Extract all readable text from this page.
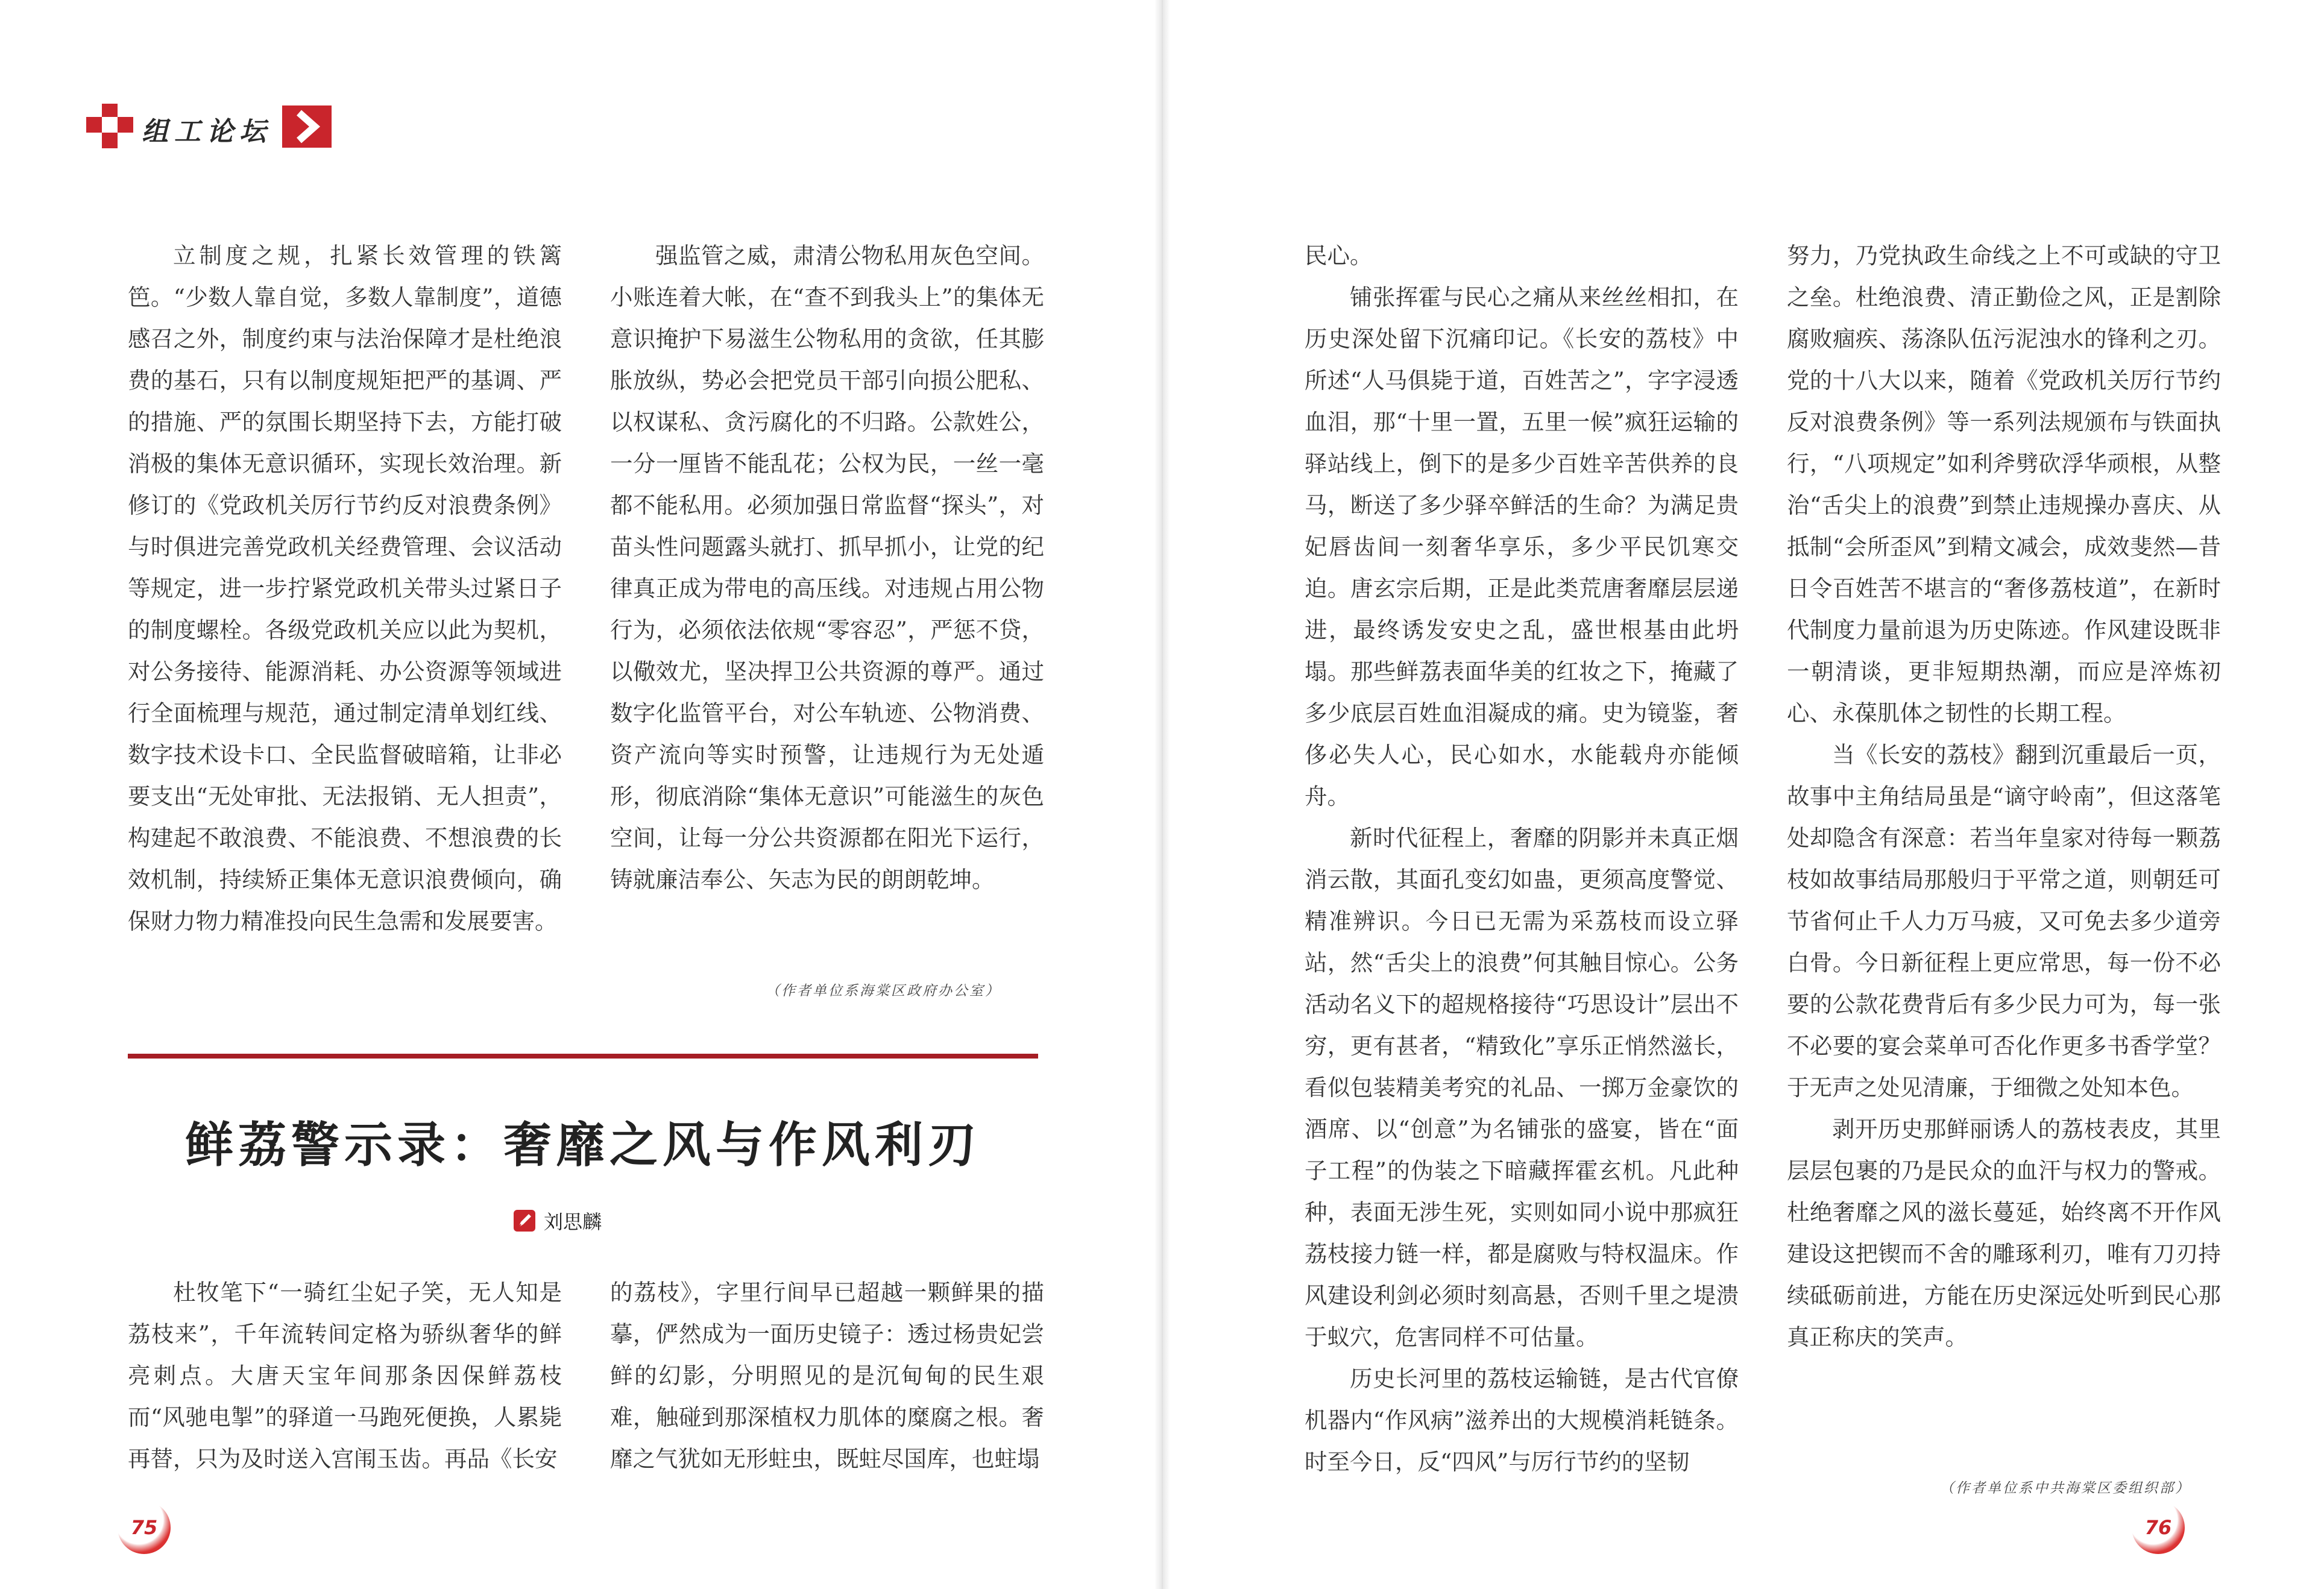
组工论坛

立制度之规，扎紧长效管理的铁篱笆。“少数人靠自觉，多数人靠制度”，道德感召之外，制度约束与法治保障才是杜绝浪费的基石，只有以制度规矩把严的基调、严的措施、严的氛围长期坚持下去，方能打破消极的集体无意识循环，实现长效治理。新修订的《党政机关厉行节约反对浪费条例》与时俱进完善党政机关经费管理、会议活动等规定，进一步拧紧党政机关带头过紧日子的制度螺栓。各级党政机关应以此为契机，对公务接待、能源消耗、办公资源等领域进行全面梳理与规范，通过制定清单划红线、数字技术设卡口、全民监督破暗箱，让非必要支出“无处审批、无法报销、无人担责”，构建起不敢浪费、不能浪费、不想浪费的长效机制，持续矫正集体无意识浪费倾向，确保财力物力精准投向民生急需和发展要害。

强监管之威，肃清公物私用灰色空间。小账连着大帐，在“查不到我头上”的集体无意识掩护下易滋生公物私用的贪欲，任其膨胀放纵，势必会把党员干部引向损公肥私、以权谋私、贪污腐化的不归路。公款姓公，一分一厘皆不能乱花；公权为民，一丝一毫都不能私用。必须加强日常监督“探头”，对苗头性问题露头就打、抓早抓小，让党的纪律真正成为带电的高压线。对违规占用公物行为，必须依法依规“零容忍”，严惩不贷，以儆效尤，坚决捍卫公共资源的尊严。通过数字化监管平台，对公车轨迹、公物消费、资产流向等实时预警，让违规行为无处遁形，彻底消除“集体无意识”可能滋生的灰色空间，让每一分公共资源都在阳光下运行，铸就廉洁奉公、矢志为民的朗朗乾坤。

（作者单位系海棠区政府办公室）
鲜荔警示录：奢靡之风与作风利刃
刘思麟

杜牧笔下“一骑红尘妃子笑，无人知是荔枝来”，千年流转间定格为骄纵奢华的鲜亮刺点。大唐天宝年间那条因保鲜荔枝而“风驰电掣”的驿道一马跑死便换，人累毙再替，只为及时送入宫闱玉齿。再品《长安

的荔枝》，字里行间早已超越一颗鲜果的描摹，俨然成为一面历史镜子：透过杨贵妃尝鲜的幻影，分明照见的是沉甸甸的民生艰难，触碰到那深植权力肌体的糜腐之根。奢靡之气犹如无形蛀虫，既蛀尽国库，也蛀塌

75

民心。

铺张挥霍与民心之痛从来丝丝相扣，在历史深处留下沉痛印记。《长安的荔枝》中所述“人马俱毙于道，百姓苦之”，字字浸透血泪，那“十里一置，五里一候”疯狂运输的驿站线上，倒下的是多少百姓辛苦供养的良马，断送了多少驿卒鲜活的生命？为满足贵妃唇齿间一刻奢华享乐，多少平民饥寒交迫。唐玄宗后期，正是此类荒唐奢靡层层递进，最终诱发安史之乱，盛世根基由此坍塌。那些鲜荔表面华美的红妆之下，掩藏了多少底层百姓血泪凝成的痛。史为镜鉴，奢侈必失人心，民心如水，水能载舟亦能倾舟。

新时代征程上，奢靡的阴影并未真正烟消云散，其面孔变幻如蛊，更须高度警觉、精准辨识。今日已无需为采荔枝而设立驿站，然“舌尖上的浪费”何其触目惊心。公务活动名义下的超规格接待“巧思设计”层出不穷，更有甚者，“精致化”享乐正悄然滋长，看似包装精美考究的礼品、一掷万金豪饮的酒席、以“创意”为名铺张的盛宴，皆在“面子工程”的伪装之下暗藏挥霍玄机。凡此种种，表面无涉生死，实则如同小说中那疯狂荔枝接力链一样，都是腐败与特权温床。作风建设利剑必须时刻高悬，否则千里之堤溃于蚁穴，危害同样不可估量。

历史长河里的荔枝运输链，是古代官僚机器内“作风病”滋养出的大规模消耗链条。时至今日，反“四风”与厉行节约的坚韧

努力，乃党执政生命线之上不可或缺的守卫之垒。杜绝浪费、清正勤俭之风，正是割除腐败痼疾、荡涤队伍污泥浊水的锋利之刃。党的十八大以来，随着《党政机关厉行节约反对浪费条例》等一系列法规颁布与铁面执行，“八项规定”如利斧劈砍浮华顽根，从整治“舌尖上的浪费”到禁止违规操办喜庆、从抵制“会所歪风”到精文减会，成效斐然—昔日令百姓苦不堪言的“奢侈荔枝道”，在新时代制度力量前退为历史陈迹。作风建设既非一朝清谈，更非短期热潮，而应是淬炼初心、永葆肌体之韧性的长期工程。

当《长安的荔枝》翻到沉重最后一页，故事中主角结局虽是“谪守岭南”，但这落笔处却隐含有深意：若当年皇家对待每一颗荔枝如故事结局那般归于平常之道，则朝廷可节省何止千人力万马疲，又可免去多少道旁白骨。今日新征程上更应常思，每一份不必要的公款花费背后有多少民力可为，每一张不必要的宴会菜单可否化作更多书香学堂？于无声之处见清廉，于细微之处知本色。

剥开历史那鲜丽诱人的荔枝表皮，其里层层包裹的乃是民众的血汗与权力的警戒。杜绝奢靡之风的滋长蔓延，始终离不开作风建设这把锲而不舍的雕琢利刃，唯有刀刃持续砥砺前进，方能在历史深远处听到民心那真正称庆的笑声。

（作者单位系中共海棠区委组织部）
76
